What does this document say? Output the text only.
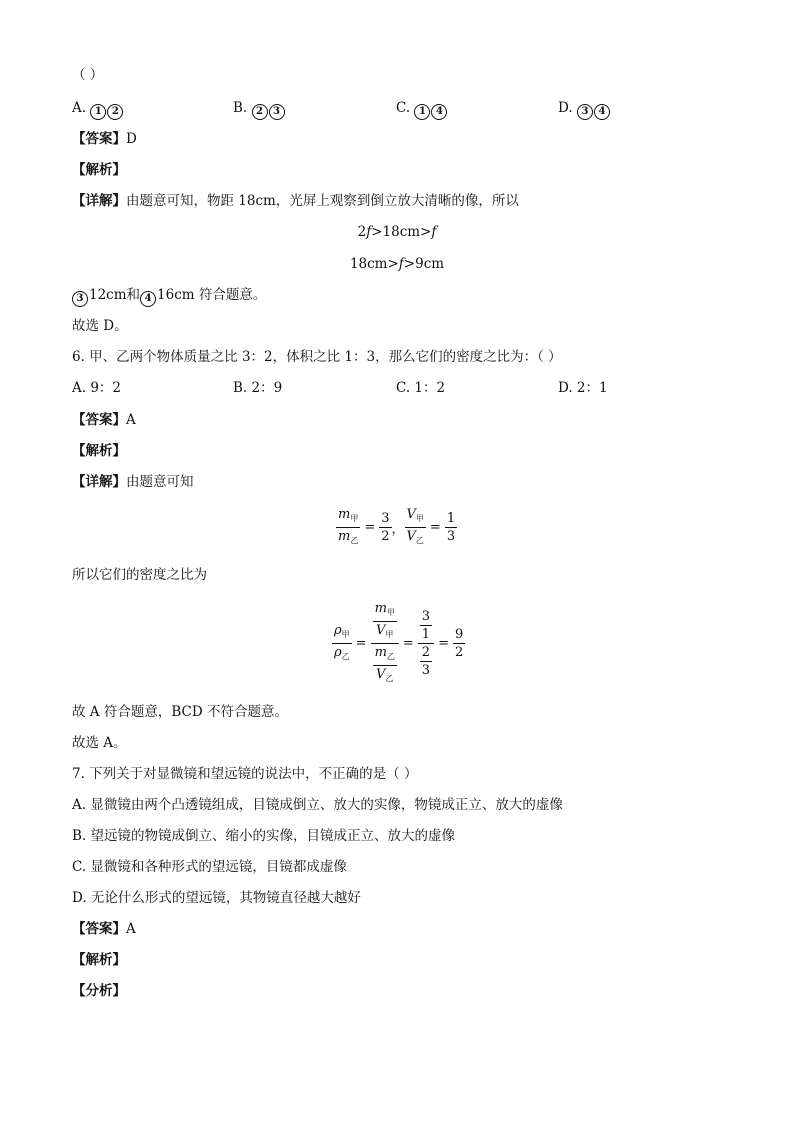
（ ）
A. 1 2	B. 2 3	C. 1 4	D. 3 4
【答案】D
【解析】
【详解】由题意可知，物距 18cm，光屏上观察到倒立放大清晰的像，所以
2f>18cm>f
18cm>f>9cm
3 12cm和 4 16cm 符合题意。
故选 D。
6. 甲、乙两个物体质量之比 3：2，体积之比 1：3，那么它们的密度之比为：（ ）
A. 9：2	B. 2：9	C. 1：2	D. 2：1
【答案】A
【解析】
【详解】由题意可知
$\frac{m_甲}{m_乙} = \frac{3}{2}$ ， $\frac{V_甲}{V_乙} = \frac{1}{3}$
所以它们的密度之比为
$\frac{\rho_甲}{\rho_乙} = \frac{\frac{m_甲}{V_甲}}{\frac{m_乙}{V_乙}} = \frac{\frac{3}{1}}{\frac{2}{3}} = \frac{9}{2}$
故 A 符合题意，BCD 不符合题意。
故选 A。
7. 下列关于对显微镜和望远镜的说法中，不正确的是（ ）
A. 显微镜由两个凸透镜组成，目镜成倒立、放大的实像，物镜成正立、放大的虚像
B. 望远镜的物镜成倒立、缩小的实像，目镜成正立、放大的虚像
C. 显微镜和各种形式的望远镜，目镜都成虚像
D. 无论什么形式的望远镜，其物镜直径越大越好
【答案】A
【解析】
【分析】
